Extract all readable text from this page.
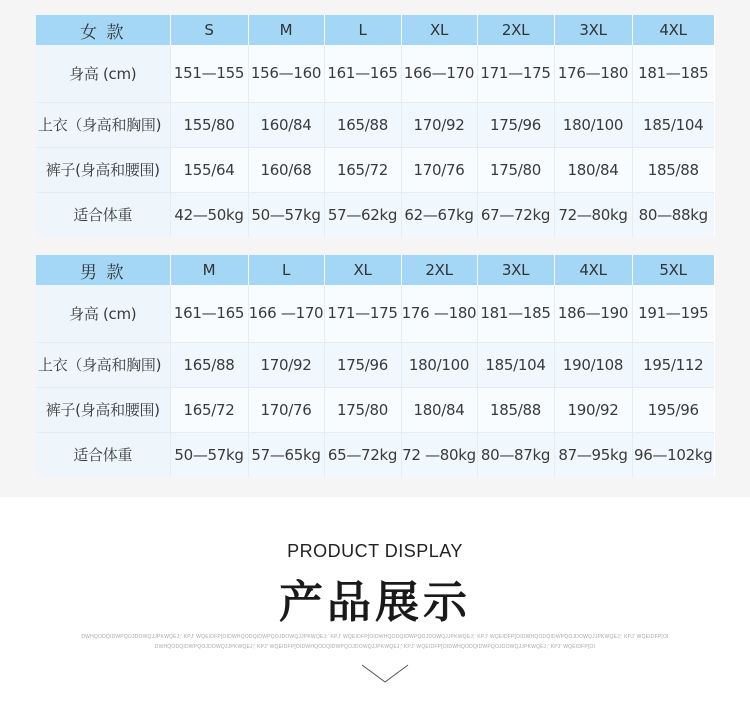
女 款	S	M	L	XL	2XL	3XL	4XL
身高 (cm)	151—155	156—160	161—165	166—170	171—175	176—180	181—185
上衣（身高和胸围)	155/80	160/84	165/88	170/92	175/96	180/100	185/104
裤子(身高和腰围)	155/64	160/68	165/72	170/76	175/80	180/84	185/88
适合体重	42—50kg	50—57kg	57—62kg	62—67kg	67—72kg	72—80kg	80—88kg
男 款	M	L	XL	2XL	3XL	4XL	5XL
身高 (cm)	161—165	166 —170	171—175	176 —180	181—185	186—190	191—195
上衣（身高和胸围)	165/88	170/92	175/96	180/100	185/104	190/108	195/112
裤子(身高和腰围)	165/72	170/76	175/80	180/84	185/88	190/92	195/96
适合体重	50—57kg	57—65kg	65—72kg	72 —80kg	80—87kg	87—95kg	96—102kg
PRODUCT DISPLAY
产品展示
DWHQODQIDWPQOJDOWQJJPKWQEJ;' KPJ' WQEIDFP[OIDWHQODQIDWPQOJDOWQJJPKWQEJ;' KPJ' WQEIDFP[OIDWHQODQIDWPQOJDOWQJJPKWQEJ;' KPJ' WQEIDFP[OIDWHQODQIDWPQOJDOWQJJPKWQEJ;' KPJ' WQEIDFP[OI
DWHQODQIDWPQOJDOWQJJPKWQEJ;' KPJ' WQEIDFP[OIDWHQODQIDWPQOJDOWQJJPKWQEJ;' KPJ' WQEIDFP[OIDWHQODQIDWPQOJDOWQJJPKWQEJ;' KPJ' WQEIDFP[OI
